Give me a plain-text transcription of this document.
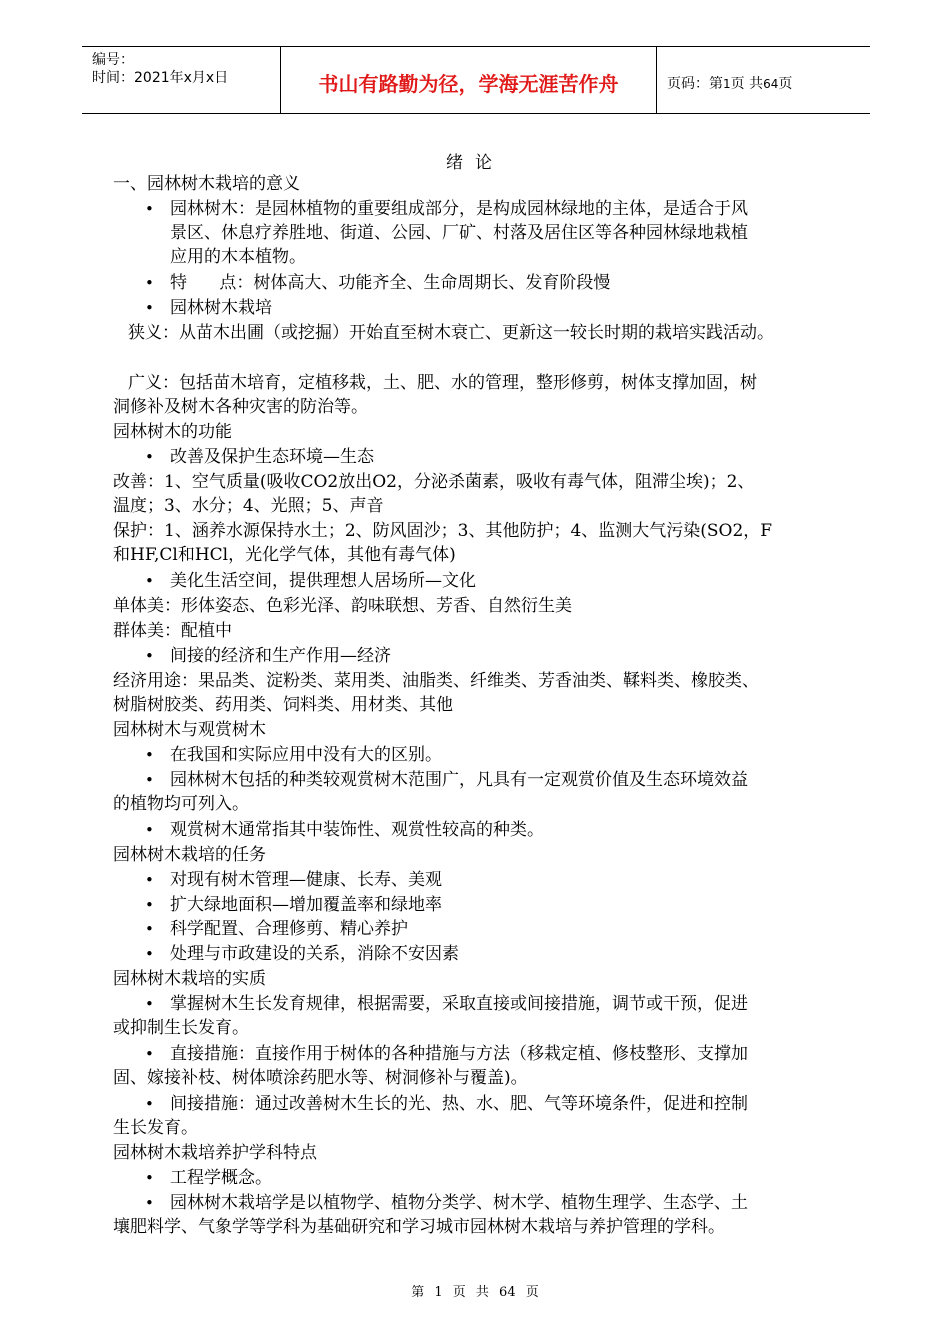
编号：
时间：2021年x月x日	书山有路勤为径，学海无涯苦作舟	页码：第1页 共64页
绪论
一、园林树木栽培的意义
• 园林树木：是园林植物的重要组成部分，是构成园林绿地的主体，是适合于风
景区、休息疗养胜地、街道、公园、厂矿、村落及居住区等各种园林绿地栽植
应用的木本植物。
• 特      点：树体高大、功能齐全、生命周期长、发育阶段慢
• 园林树木栽培
狭义：从苗木出圃（或挖掘）开始直至树木衰亡、更新这一较长时期的栽培实践活动。
广义：包括苗木培育，定植移栽，土、肥、水的管理，整形修剪，树体支撑加固，树
洞修补及树木各种灾害的防治等。
园林树木的功能
• 改善及保护生态环境—生态
改善：1、空气质量(吸收CO2放出O2，分泌杀菌素，吸收有毒气体，阻滞尘埃)；2、
温度；3、水分；4、光照；5、声音
保护：1、涵养水源保持水土；2、防风固沙；3、其他防护；4、监测大气污染(SO2，F
和HF,Cl和HCl，光化学气体，其他有毒气体)
• 美化生活空间，提供理想人居场所—文化
单体美：形体姿态、色彩光泽、韵味联想、芳香、自然衍生美
群体美：配植中
• 间接的经济和生产作用—经济
经济用途：果品类、淀粉类、菜用类、油脂类、纤维类、芳香油类、鞣料类、橡胶类、
树脂树胶类、药用类、饲料类、用材类、其他
园林树木与观赏树木
• 在我国和实际应用中没有大的区别。
• 园林树木包括的种类较观赏树木范围广，凡具有一定观赏价值及生态环境效益
的植物均可列入。
• 观赏树木通常指其中装饰性、观赏性较高的种类。
园林树木栽培的任务
• 对现有树木管理—健康、长寿、美观
• 扩大绿地面积—增加覆盖率和绿地率
• 科学配置、合理修剪、精心养护
• 处理与市政建设的关系，消除不安因素
园林树木栽培的实质
• 掌握树木生长发育规律，根据需要，采取直接或间接措施，调节或干预，促进
或抑制生长发育。
• 直接措施：直接作用于树体的各种措施与方法（移栽定植、修枝整形、支撑加
固、嫁接补枝、树体喷涂药肥水等、树洞修补与覆盖)。
• 间接措施：通过改善树木生长的光、热、水、肥、气等环境条件，促进和控制
生长发育。
园林树木栽培养护学科特点
• 工程学概念。
• 园林树木栽培学是以植物学、植物分类学、树木学、植物生理学、生态学、土
壤肥料学、气象学等学科为基础研究和学习城市园林树木栽培与养护管理的学科。
第 1 页 共 64 页
